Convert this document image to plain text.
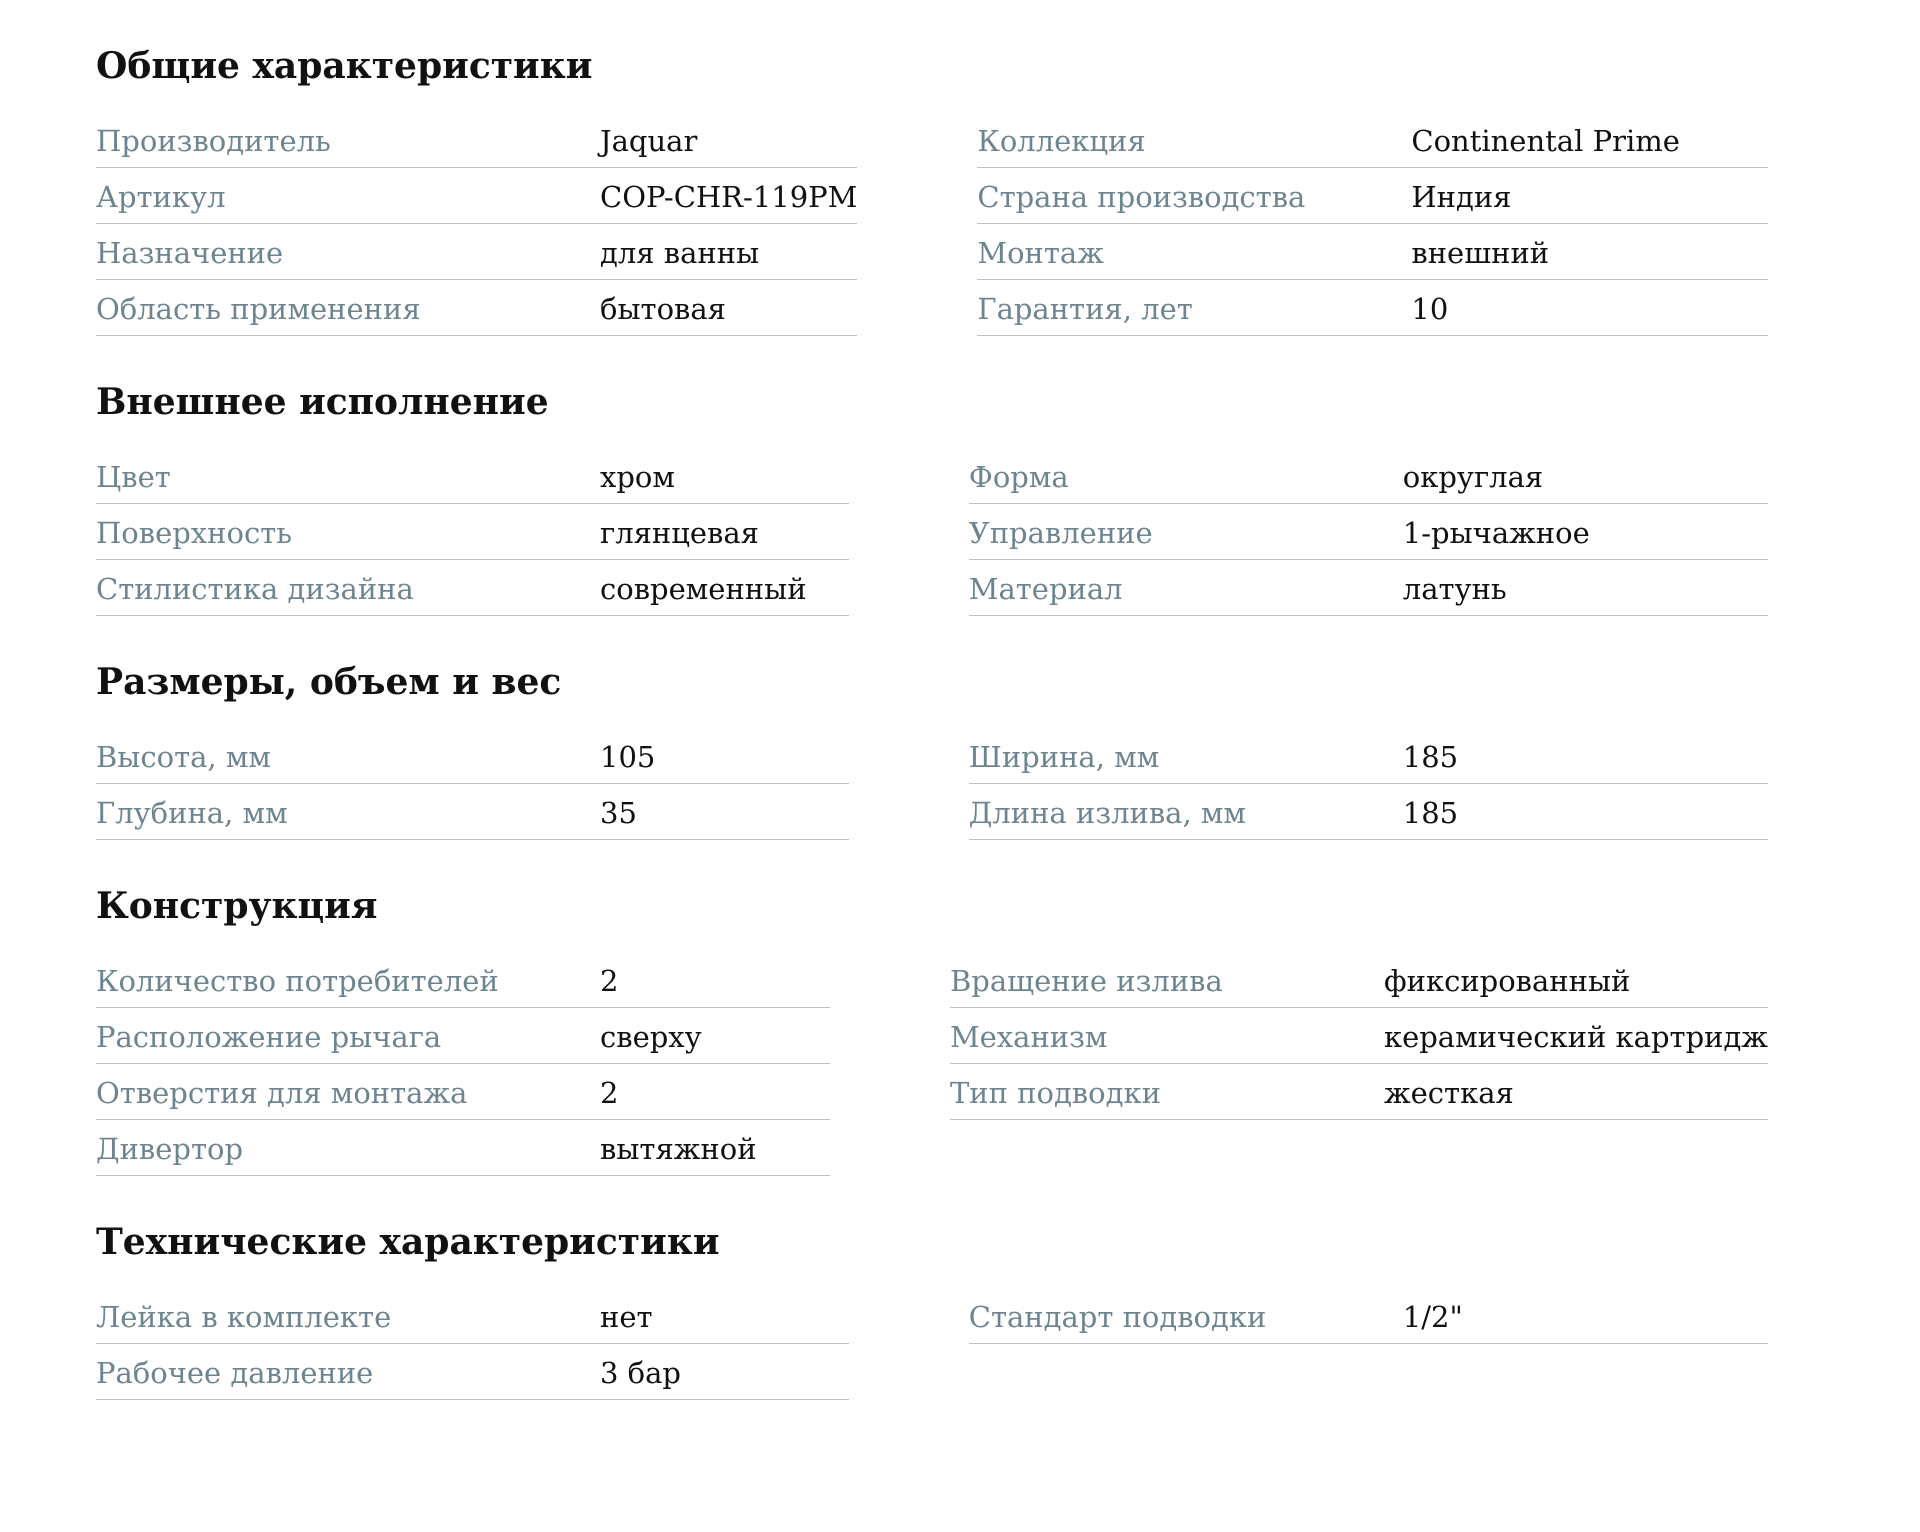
Общие характеристики
Производитель	Jaquar
Артикул	COP-CHR-119PM
Назначение	для ванны
Область применения	бытовая
Коллекция	Continental Prime
Страна производства	Индия
Монтаж	внешний
Гарантия, лет	10
Внешнее исполнение
Цвет	хром
Поверхность	глянцевая
Стилистика дизайна	современный
Форма	округлая
Управление	1-рычажное
Материал	латунь
Размеры, объем и вес
Высота, мм	105
Глубина, мм	35
Ширина, мм	185
Длина излива, мм	185
Конструкция
Количество потребителей	2
Расположение рычага	сверху
Отверстия для монтажа	2
Дивертор	вытяжной
Вращение излива	фиксированный
Механизм	керамический картридж
Тип подводки	жесткая
Технические характеристики
Лейка в комплекте	нет
Рабочее давление	3 бар
Стандарт подводки	1/2"
